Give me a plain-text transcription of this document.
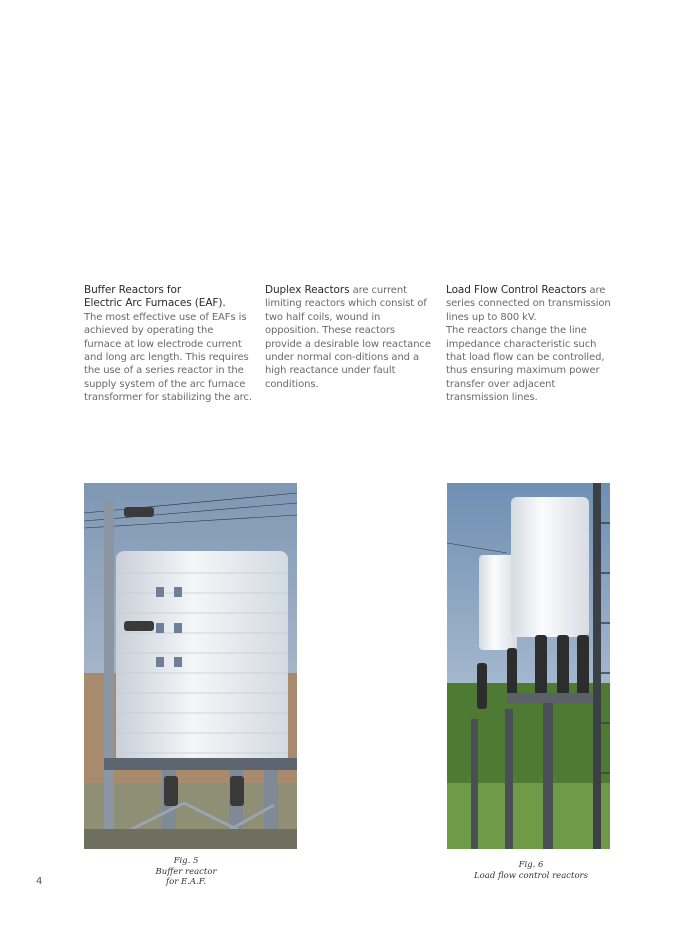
Buffer Reactors for
Electric Arc Furnaces (EAF).
The most effective use of EAFs is achieved by operating the furnace at low electrode current and long arc length. This requires the use of a series reactor in the supply system of the arc furnace transformer for stabilizing the arc.
Duplex Reactors are current limiting reactors which consist of two half coils, wound in opposition. These reactors provide a desirable low reactance under normal con-ditions and a high reactance under fault conditions.
Load Flow Control Reactors are series connected on transmission lines up to 800 kV.
The reactors change the line impedance characteristic such that load flow can be controlled, thus ensuring maximum power transfer over adjacent transmission lines.
Fig. 5
Buffer reactor
for E.A.F.
Fig. 6
Load flow control reactors
4
